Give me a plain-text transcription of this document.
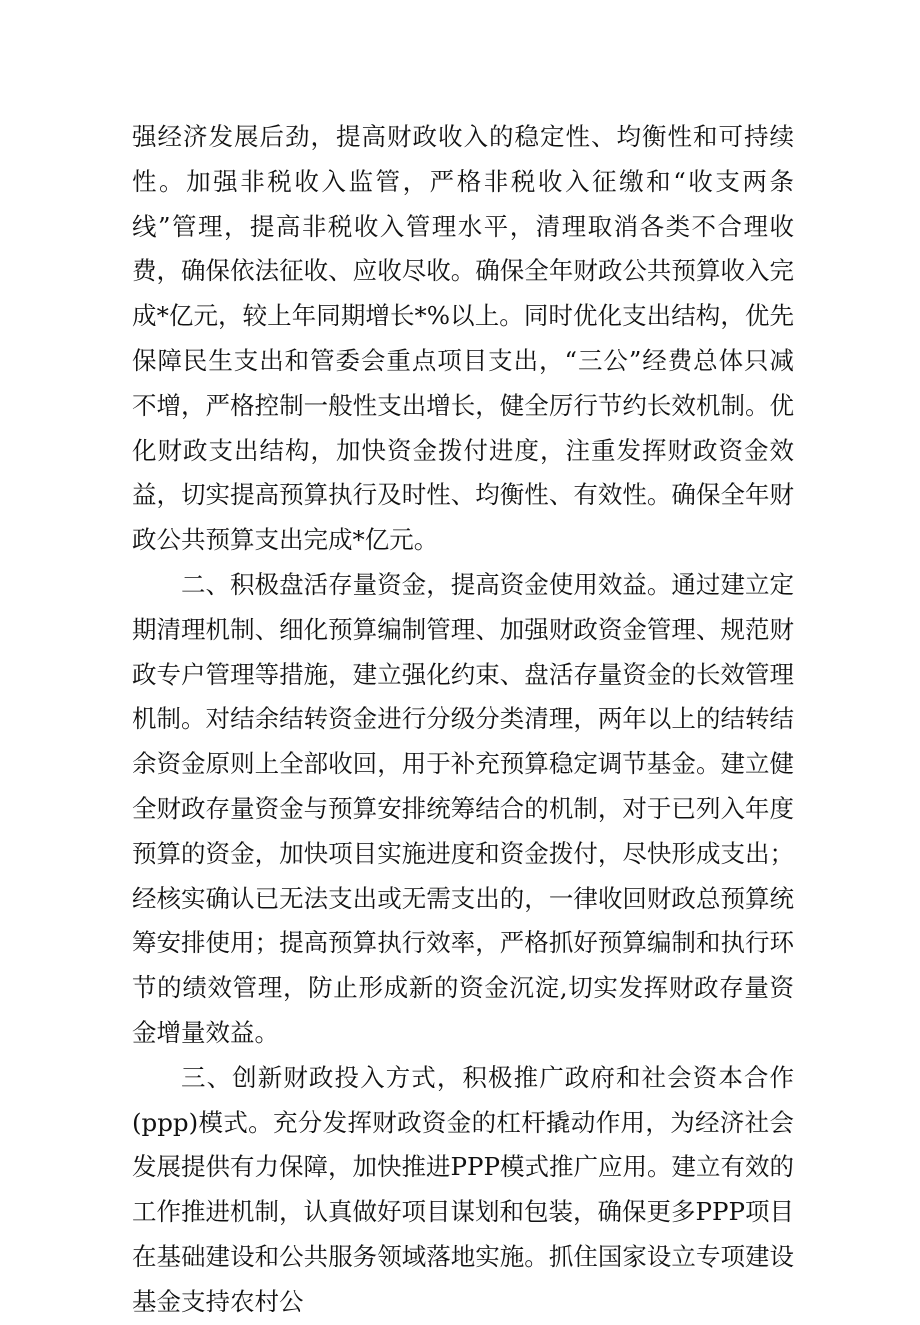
强经济发展后劲，提高财政收入的稳定性、均衡性和可持续性。加强非税收入监管，严格非税收入征缴和“收支两条线”管理，提高非税收入管理水平，清理取消各类不合理收费，确保依法征收、应收尽收。确保全年财政公共预算收入完成*亿元，较上年同期增长*%以上。同时优化支出结构，优先保障民生支出和管委会重点项目支出，“三公”经费总体只减不增，严格控制一般性支出增长，健全厉行节约长效机制。优化财政支出结构，加快资金拨付进度，注重发挥财政资金效益，切实提高预算执行及时性、均衡性、有效性。确保全年财政公共预算支出完成*亿元。

二、积极盘活存量资金，提高资金使用效益。通过建立定期清理机制、细化预算编制管理、加强财政资金管理、规范财政专户管理等措施，建立强化约束、盘活存量资金的长效管理机制。对结余结转资金进行分级分类清理，两年以上的结转结余资金原则上全部收回，用于补充预算稳定调节基金。建立健全财政存量资金与预算安排统筹结合的机制，对于已列入年度预算的资金，加快项目实施进度和资金拨付，尽快形成支出；经核实确认已无法支出或无需支出的，一律收回财政总预算统筹安排使用；提高预算执行效率，严格抓好预算编制和执行环节的绩效管理，防止形成新的资金沉淀,切实发挥财政存量资金增量效益。

三、创新财政投入方式，积极推广政府和社会资本合作(ppp)模式。充分发挥财政资金的杠杆撬动作用，为经济社会发展提供有力保障，加快推进PPP模式推广应用。建立有效的工作推进机制，认真做好项目谋划和包装，确保更多PPP项目在基础建设和公共服务领域落地实施。抓住国家设立专项建设基金支持农村公
